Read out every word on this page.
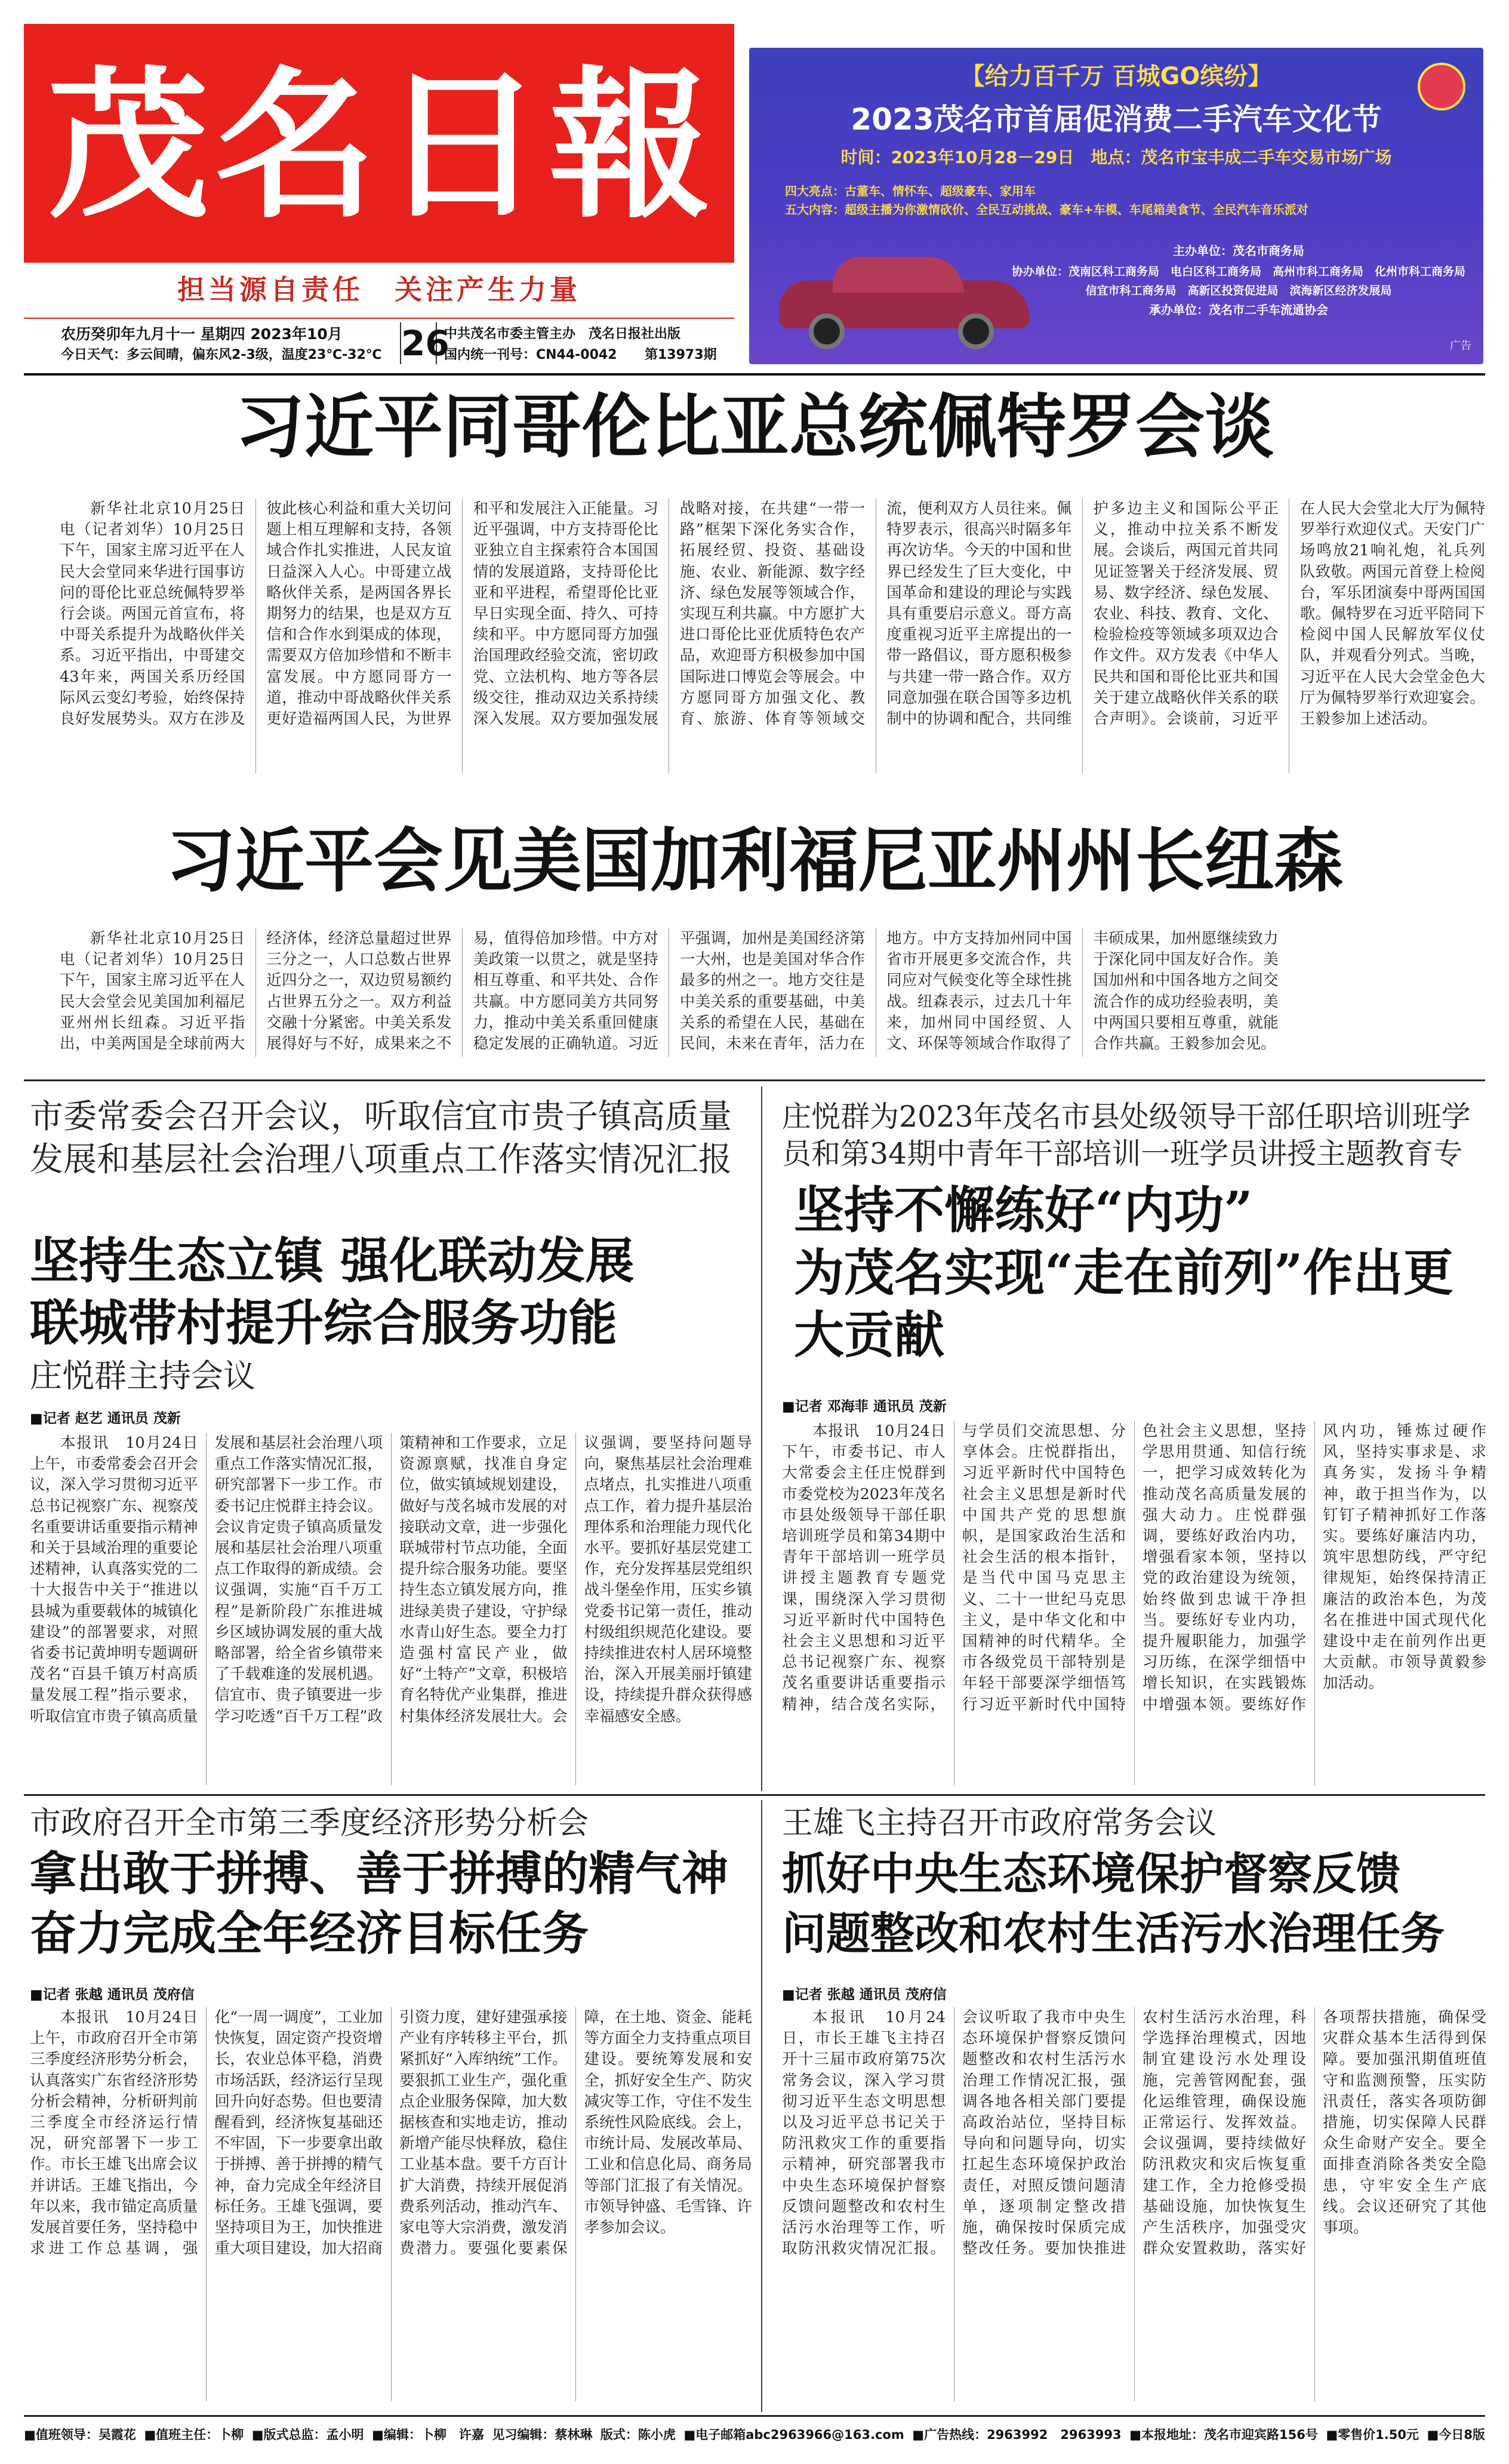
茂名日報
担当源自责任　关注产生力量
农历癸卯年九月十一 星期四 2023年10月
今日天气：多云间晴，偏东风2-3级，温度23℃-32℃ 26
中共茂名市委主管主办　茂名日报社出版
国内统一刊号：CN44-0042	第13973期
【给力百千万 百城GO缤纷】
2023茂名市首届促消费二手汽车文化节
时间：2023年10月28－29日　地点：茂名市宝丰成二手车交易市场广场
四大亮点：古董车、情怀车、超级豪车、家用车
五大内容：超级主播为你激情砍价、全民互动挑战、豪车+车模、车尾箱美食节、全民汽车音乐派对
主办单位：茂名市商务局
协办单位：茂南区科工商务局　电白区科工商务局　高州市科工商务局　化州市科工商务局
信宜市科工商务局　高新区投资促进局　滨海新区经济发展局
承办单位：茂名市二手车流通协会
广告
习近平同哥伦比亚总统佩特罗会谈
新华社北京10月25日电（记者刘华）10月25日下午，国家主席习近平在人民大会堂同来华进行国事访问的哥伦比亚总统佩特罗举行会谈。两国元首宣布，将中哥关系提升为战略伙伴关系。习近平指出，中哥建交43年来，两国关系历经国际风云变幻考验，始终保持良好发展势头。双方在涉及彼此核心利益和重大关切问题上相互理解和支持，各领域合作扎实推进，人民友谊日益深入人心。中哥建立战略伙伴关系，是两国各界长期努力的结果，也是双方互信和合作水到渠成的体现，需要双方倍加珍惜和不断丰富发展。中方愿同哥方一道，推动中哥战略伙伴关系更好造福两国人民，为世界和平和发展注入正能量。习近平强调，中方支持哥伦比亚独立自主探索符合本国国情的发展道路，支持哥伦比亚和平进程，希望哥伦比亚早日实现全面、持久、可持续和平。中方愿同哥方加强治国理政经验交流，密切政党、立法机构、地方等各层级交往，推动双边关系持续深入发展。双方要加强发展战略对接，在共建“一带一路”框架下深化务实合作，拓展经贸、投资、基础设施、农业、新能源、数字经济、绿色发展等领域合作，实现互利共赢。中方愿扩大进口哥伦比亚优质特色农产品，欢迎哥方积极参加中国国际进口博览会等展会。中方愿同哥方加强文化、教育、旅游、体育等领域交流，便利双方人员往来。佩特罗表示，很高兴时隔多年再次访华。今天的中国和世界已经发生了巨大变化，中国革命和建设的理论与实践具有重要启示意义。哥方高度重视习近平主席提出的一带一路倡议，哥方愿积极参与共建一带一路合作。双方同意加强在联合国等多边机制中的协调和配合，共同维护多边主义和国际公平正义，推动中拉关系不断发展。会谈后，两国元首共同见证签署关于经济发展、贸易、数字经济、绿色发展、农业、科技、教育、文化、检验检疫等领域多项双边合作文件。双方发表《中华人民共和国和哥伦比亚共和国关于建立战略伙伴关系的联合声明》。会谈前，习近平在人民大会堂北大厅为佩特罗举行欢迎仪式。天安门广场鸣放21响礼炮，礼兵列队致敬。两国元首登上检阅台，军乐团演奏中哥两国国歌。佩特罗在习近平陪同下检阅中国人民解放军仪仗队，并观看分列式。当晚，习近平在人民大会堂金色大厅为佩特罗举行欢迎宴会。王毅参加上述活动。
习近平会见美国加利福尼亚州州长纽森
新华社北京10月25日电（记者刘华）10月25日下午，国家主席习近平在人民大会堂会见美国加利福尼亚州州长纽森。习近平指出，中美两国是全球前两大经济体，经济总量超过世界三分之一，人口总数占世界近四分之一，双边贸易额约占世界五分之一。双方利益交融十分紧密。中美关系发展得好与不好，成果来之不易，值得倍加珍惜。中方对美政策一以贯之，就是坚持相互尊重、和平共处、合作共赢。中方愿同美方共同努力，推动中美关系重回健康稳定发展的正确轨道。习近平强调，加州是美国经济第一大州，也是美国对华合作最多的州之一。地方交往是中美关系的重要基础，中美关系的希望在人民，基础在民间，未来在青年，活力在地方。中方支持加州同中国省市开展更多交流合作，共同应对气候变化等全球性挑战。纽森表示，过去几十年来，加州同中国经贸、人文、环保等领域合作取得了丰硕成果，加州愿继续致力于深化同中国友好合作。美国加州和中国各地方之间交流合作的成功经验表明，美中两国只要相互尊重，就能合作共赢。王毅参加会见。
市委常委会召开会议，听取信宜市贵子镇高质量发展和基层社会治理八项重点工作落实情况汇报
坚持生态立镇 强化联动发展
联城带村提升综合服务功能
庄悦群主持会议
■记者 赵艺 通讯员 茂新
本报讯　10月24日上午，市委常委会召开会议，深入学习贯彻习近平总书记视察广东、视察茂名重要讲话重要指示精神和关于县域治理的重要论述精神，认真落实党的二十大报告中关于“推进以县城为重要载体的城镇化建设”的部署要求，对照省委书记黄坤明专题调研茂名“百县千镇万村高质量发展工程”指示要求，听取信宜市贵子镇高质量发展和基层社会治理八项重点工作落实情况汇报，研究部署下一步工作。市委书记庄悦群主持会议。会议肯定贵子镇高质量发展和基层社会治理八项重点工作取得的新成绩。会议强调，实施“百千万工程”是新阶段广东推进城乡区域协调发展的重大战略部署，给全省乡镇带来了千载难逢的发展机遇。信宜市、贵子镇要进一步学习吃透“百千万工程”政策精神和工作要求，立足资源禀赋，找准自身定位，做实镇域规划建设，做好与茂名城市发展的对接联动文章，进一步强化联城带村节点功能，全面提升综合服务功能。要坚持生态立镇发展方向，推进绿美贵子建设，守护绿水青山好生态。要全力打造强村富民产业，做好“土特产”文章，积极培育名特优产业集群，推进村集体经济发展壮大。会议强调，要坚持问题导向，聚焦基层社会治理难点堵点，扎实推进八项重点工作，着力提升基层治理体系和治理能力现代化水平。要抓好基层党建工作，充分发挥基层党组织战斗堡垒作用，压实乡镇党委书记第一责任，推动村级组织规范化建设。要持续推进农村人居环境整治，深入开展美丽圩镇建设，持续提升群众获得感幸福感安全感。
庄悦群为2023年茂名市县处级领导干部任职培训班学员和第34期中青年干部培训一班学员讲授主题教育专
坚持不懈练好“内功”
为茂名实现“走在前列”作出更大贡献
■记者 邓海菲 通讯员 茂新
本报讯　10月24日下午，市委书记、市人大常委会主任庄悦群到市委党校为2023年茂名市县处级领导干部任职培训班学员和第34期中青年干部培训一班学员讲授主题教育专题党课，围绕深入学习贯彻习近平新时代中国特色社会主义思想和习近平总书记视察广东、视察茂名重要讲话重要指示精神，结合茂名实际，与学员们交流思想、分享体会。庄悦群指出，习近平新时代中国特色社会主义思想是新时代中国共产党的思想旗帜，是国家政治生活和社会生活的根本指针，是当代中国马克思主义、二十一世纪马克思主义，是中华文化和中国精神的时代精华。全市各级党员干部特别是年轻干部要深学细悟笃行习近平新时代中国特色社会主义思想，坚持学思用贯通、知信行统一，把学习成效转化为推动茂名高质量发展的强大动力。庄悦群强调，要练好政治内功，增强看家本领，坚持以党的政治建设为统领，始终做到忠诚干净担当。要练好专业内功，提升履职能力，加强学习历练，在深学细悟中增长知识，在实践锻炼中增强本领。要练好作风内功，锤炼过硬作风，坚持实事求是、求真务实，发扬斗争精神，敢于担当作为，以钉钉子精神抓好工作落实。要练好廉洁内功，筑牢思想防线，严守纪律规矩，始终保持清正廉洁的政治本色，为茂名在推进中国式现代化建设中走在前列作出更大贡献。市领导黄毅参加活动。
市政府召开全市第三季度经济形势分析会
拿出敢于拼搏、善于拼搏的精气神
奋力完成全年经济目标任务
■记者 张越 通讯员 茂府信
本报讯　10月24日上午，市政府召开全市第三季度经济形势分析会，认真落实广东省经济形势分析会精神，分析研判前三季度全市经济运行情况，研究部署下一步工作。市长王雄飞出席会议并讲话。王雄飞指出，今年以来，我市锚定高质量发展首要任务，坚持稳中求进工作总基调，强化“一周一调度”，工业加快恢复，固定资产投资增长，农业总体平稳，消费市场活跃，经济运行呈现回升向好态势。但也要清醒看到，经济恢复基础还不牢固，下一步要拿出敢于拼搏、善于拼搏的精气神，奋力完成全年经济目标任务。王雄飞强调，要坚持项目为王，加快推进重大项目建设，加大招商引资力度，建好建强承接产业有序转移主平台，抓紧抓好“入库纳统”工作。要狠抓工业生产，强化重点企业服务保障，加大数据核查和实地走访，推动新增产能尽快释放，稳住工业基本盘。要千方百计扩大消费，持续开展促消费系列活动，推动汽车、家电等大宗消费，激发消费潜力。要强化要素保障，在土地、资金、能耗等方面全力支持重点项目建设。要统筹发展和安全，抓好安全生产、防灾减灾等工作，守住不发生系统性风险底线。会上，市统计局、发展改革局、工业和信息化局、商务局等部门汇报了有关情况。市领导钟盛、毛雪锋、许孝参加会议。
王雄飞主持召开市政府常务会议
抓好中央生态环境保护督察反馈
问题整改和农村生活污水治理任务
■记者 张越 通讯员 茂府信
本报讯　10月24日，市长王雄飞主持召开十三届市政府第75次常务会议，深入学习贯彻习近平生态文明思想以及习近平总书记关于防汛救灾工作的重要指示精神，研究部署我市中央生态环境保护督察反馈问题整改和农村生活污水治理等工作，听取防汛救灾情况汇报。会议听取了我市中央生态环境保护督察反馈问题整改和农村生活污水治理工作情况汇报，强调各地各相关部门要提高政治站位，坚持目标导向和问题导向，切实扛起生态环境保护政治责任，对照反馈问题清单，逐项制定整改措施，确保按时保质完成整改任务。要加快推进农村生活污水治理，科学选择治理模式，因地制宜建设污水处理设施，完善管网配套，强化运维管理，确保设施正常运行、发挥效益。会议强调，要持续做好防汛救灾和灾后恢复重建工作，全力抢修受损基础设施，加快恢复生产生活秩序，加强受灾群众安置救助，落实好各项帮扶措施，确保受灾群众基本生活得到保障。要加强汛期值班值守和监测预警，压实防汛责任，落实各项防御措施，切实保障人民群众生命财产安全。要全面排查消除各类安全隐患，守牢安全生产底线。会议还研究了其他事项。
■值班领导：吴霞花 ■值班主任：卜柳 ■版式总监：孟小明 ■编辑：卜柳　许嘉 见习编辑：蔡林琳 版式：陈小虎 ■电子邮箱abc2963966@163.com ■广告热线：2963992　2963993 ■本报地址：茂名市迎宾路156号 ■零售价1.50元 ■今日8版
